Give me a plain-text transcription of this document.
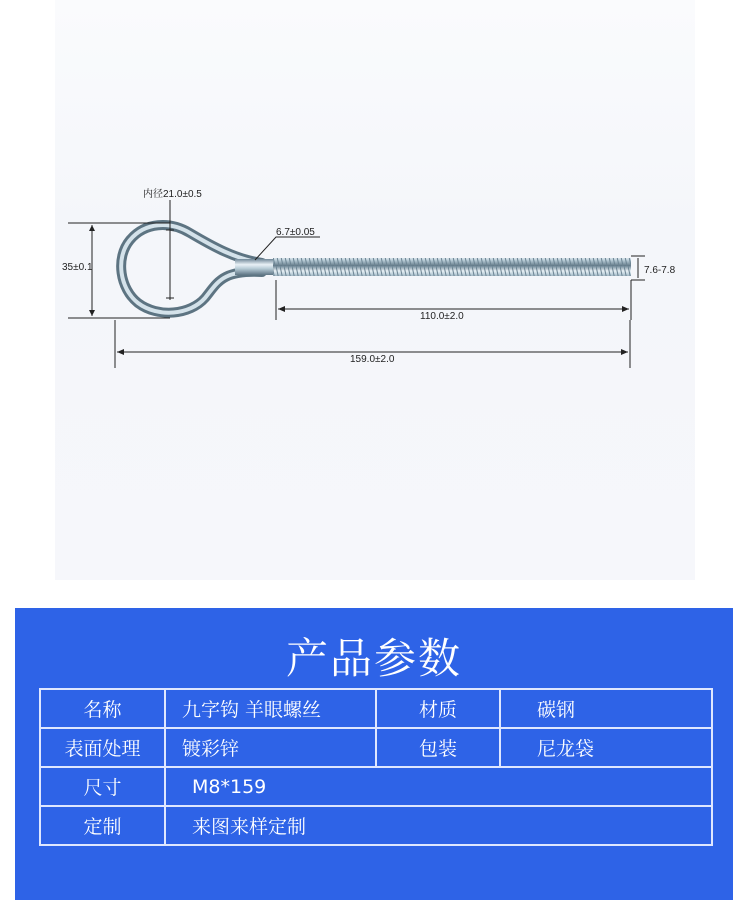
内径21.0±0.5
6.7±0.05
7.6-7.8
35±0.1
110.0±2.0
159.0±2.0
产品参数
名称	九字钩 羊眼螺丝	材质	碳钢
表面处理	镀彩锌	包装	尼龙袋
尺寸	M8*159
定制	来图来样定制
